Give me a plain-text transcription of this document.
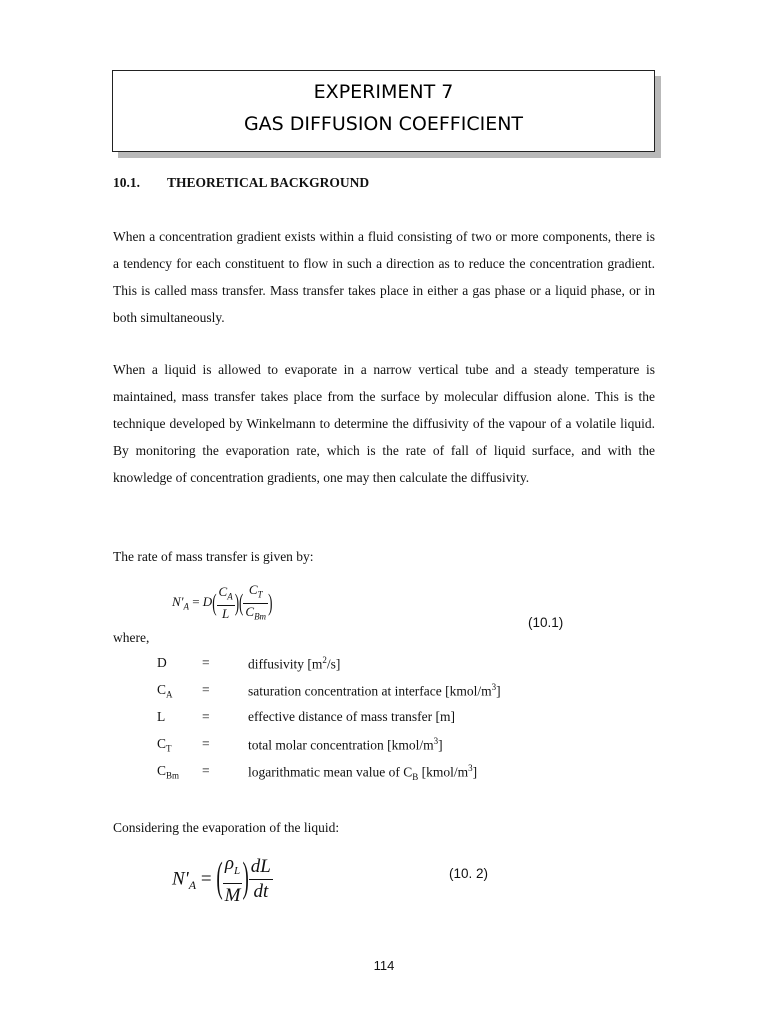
EXPERIMENT 7
GAS DIFFUSION COEFFICIENT
10.1. THEORETICAL BACKGROUND

When a concentration gradient exists within a fluid consisting of two or more components, there is a tendency for each constituent to flow in such a direction as to reduce the concentration gradient. This is called mass transfer. Mass transfer takes place in either a gas phase or a liquid phase, or in both simultaneously.

When a liquid is allowed to evaporate in a narrow vertical tube and a steady temperature is maintained, mass transfer takes place from the surface by molecular diffusion alone. This is the technique developed by Winkelmann to determine the diffusivity of the vapour of a volatile liquid. By monitoring the evaporation rate, which is the rate of fall of liquid surface, and with the knowledge of concentration gradients, one may then calculate the diffusivity.

The rate of mass transfer is given by:

$N'_A = D( \frac{C_A}{L}$ )( $\frac{C_T}{C_{Bm}}$ )
(10.1)
where,
D	=	diffusivity $[m^2/s]$
$C_A$ =	saturation concentration at interface $[kmol/m^3]$
L	=	effective distance of mass transfer [m]
$C_T$ =	total molar concentration $[kmol/m^3]$
$C_{Bm}$ =	logarithmatic mean value of $C_B$ $[kmol/m^3]$

Considering the evaporation of the liquid:

$N'_A$ = ( $\frac{\rho_L}{M}$ ) $\frac{dL}{dt}$	(10. 2)
114
